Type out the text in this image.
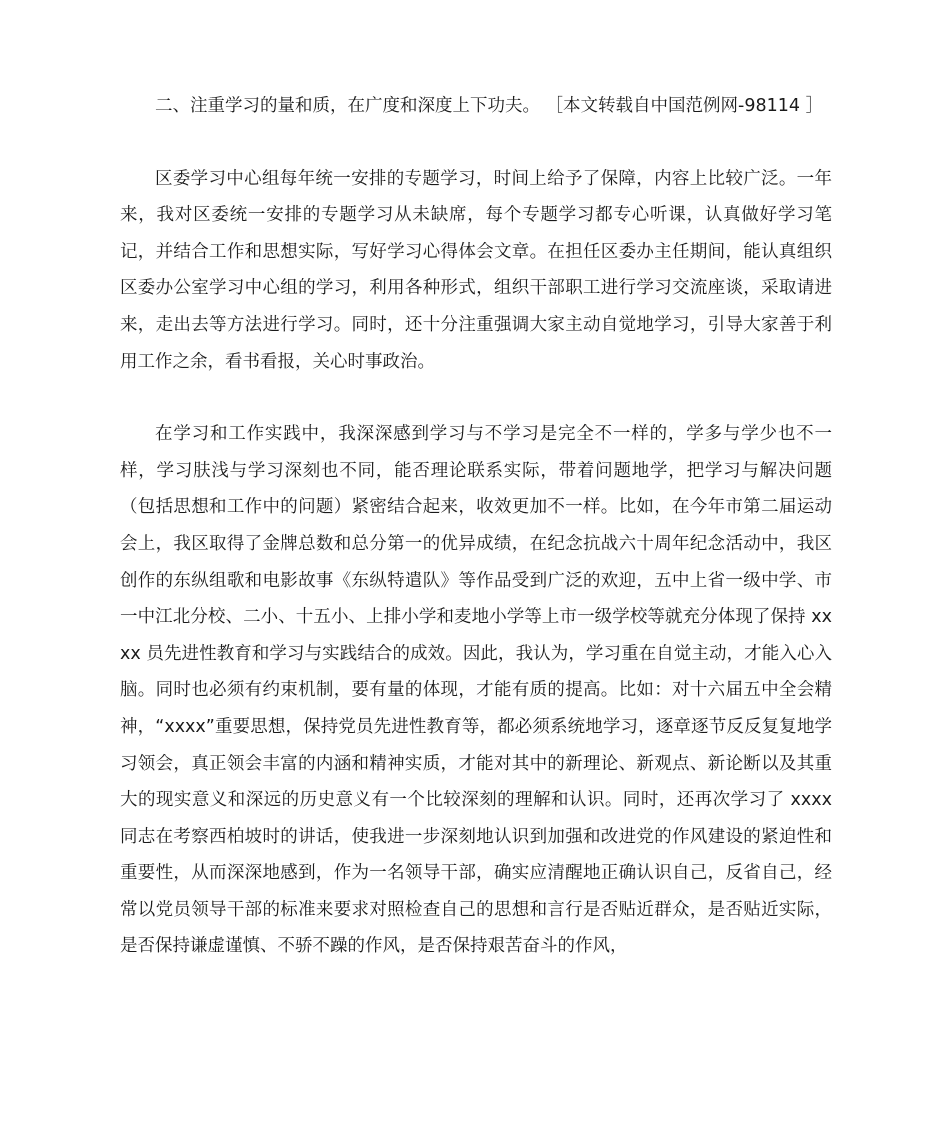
二、注重学习的量和质，在广度和深度上下功夫。 ［本文转载自中国范例网-98114 ］

区委学习中心组每年统一安排的专题学习，时间上给予了保障，内容上比较广泛。一年来，我对区委统一安排的专题学习从未缺席，每个专题学习都专心听课，认真做好学习笔记，并结合工作和思想实际，写好学习心得体会文章。在担任区委办主任期间，能认真组织区委办公室学习中心组的学习，利用各种形式，组织干部职工进行学习交流座谈，采取请进来，走出去等方法进行学习。同时，还十分注重强调大家主动自觉地学习，引导大家善于利用工作之余，看书看报，关心时事政治。

在学习和工作实践中，我深深感到学习与不学习是完全不一样的，学多与学少也不一样，学习肤浅与学习深刻也不同，能否理论联系实际，带着问题地学，把学习与解决问题（包括思想和工作中的问题）紧密结合起来，收效更加不一样。比如，在今年市第二届运动会上，我区取得了金牌总数和总分第一的优异成绩，在纪念抗战六十周年纪念活动中，我区创作的东纵组歌和电影故事《东纵特遣队》等作品受到广泛的欢迎，五中上省一级中学、市一中江北分校、二小、十五小、上排小学和麦地小学等上市一级学校等就充分体现了保持 xxxx 员先进性教育和学习与实践结合的成效。因此，我认为，学习重在自觉主动，才能入心入脑。同时也必须有约束机制，要有量的体现，才能有质的提高。比如：对十六届五中全会精神，“xxxx”重要思想，保持党员先进性教育等，都必须系统地学习，逐章逐节反反复复地学习领会，真正领会丰富的内涵和精神实质，才能对其中的新理论、新观点、新论断以及其重大的现实意义和深远的历史意义有一个比较深刻的理解和认识。同时，还再次学习了 xxxx 同志在考察西柏坡时的讲话，使我进一步深刻地认识到加强和改进党的作风建设的紧迫性和重要性，从而深深地感到，作为一名领导干部，确实应清醒地正确认识自己，反省自己，经常以党员领导干部的标准来要求对照检查自己的思想和言行是否贴近群众，是否贴近实际，是否保持谦虚谨慎、不骄不躁的作风，是否保持艰苦奋斗的作风，
